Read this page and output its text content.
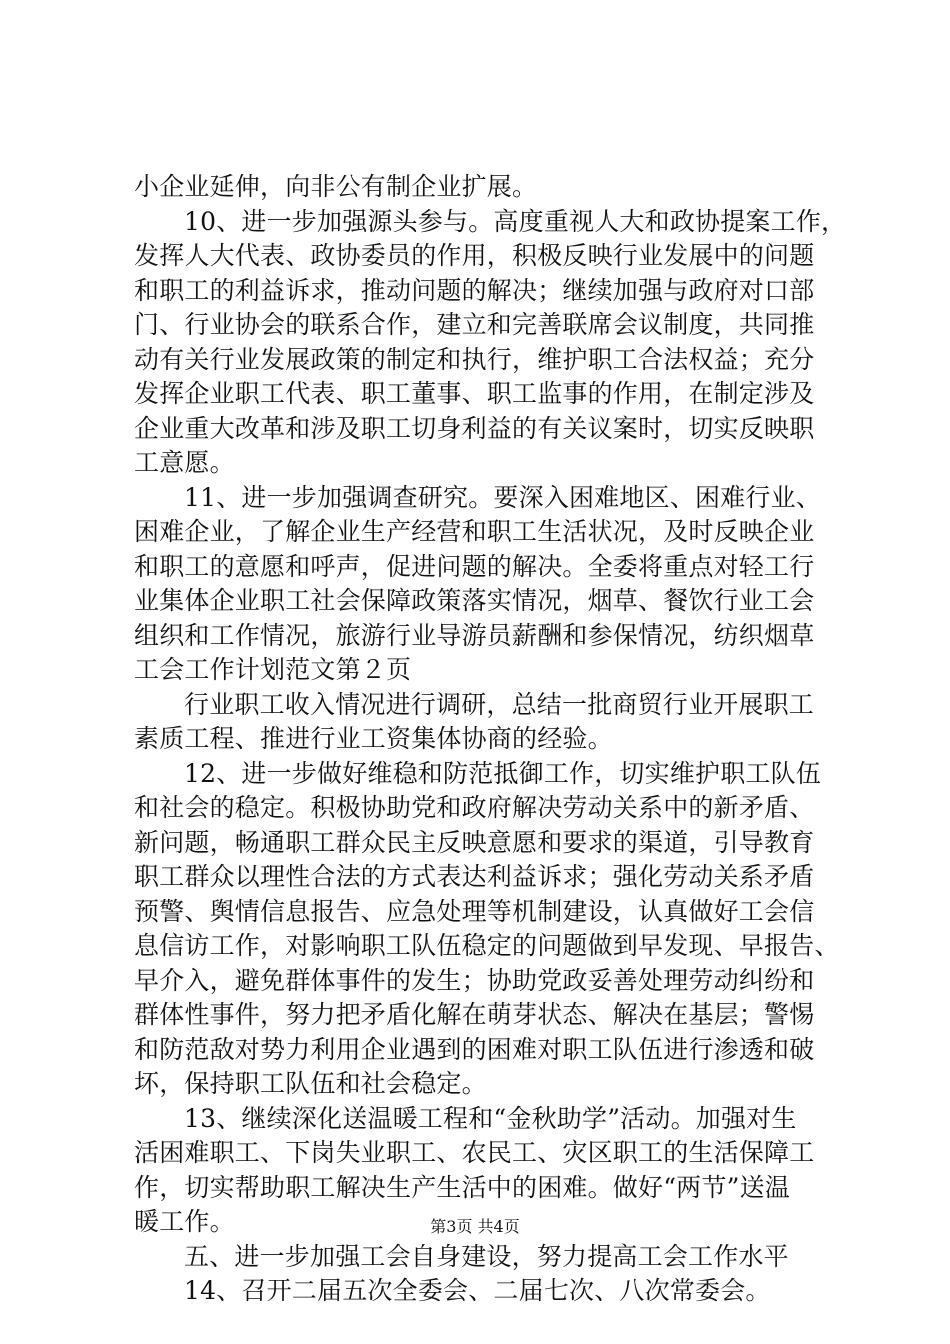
小企业延伸，向非公有制企业扩展。
10、进一步加强源头参与。高度重视人大和政协提案工作，
发挥人大代表、政协委员的作用，积极反映行业发展中的问题
和职工的利益诉求，推动问题的解决；继续加强与政府对口部
门、行业协会的联系合作，建立和完善联席会议制度，共同推
动有关行业发展政策的制定和执行，维护职工合法权益；充分
发挥企业职工代表、职工董事、职工监事的作用，在制定涉及
企业重大改革和涉及职工切身利益的有关议案时，切实反映职
工意愿。
11、进一步加强调查研究。要深入困难地区、困难行业、
困难企业，了解企业生产经营和职工生活状况，及时反映企业
和职工的意愿和呼声，促进问题的解决。全委将重点对轻工行
业集体企业职工社会保障政策落实情况，烟草、餐饮行业工会
组织和工作情况，旅游行业导游员薪酬和参保情况，纺织烟草
工会工作计划范文第２页
行业职工收入情况进行调研，总结一批商贸行业开展职工
素质工程、推进行业工资集体协商的经验。
12、进一步做好维稳和防范抵御工作，切实维护职工队伍
和社会的稳定。积极协助党和政府解决劳动关系中的新矛盾、
新问题，畅通职工群众民主反映意愿和要求的渠道，引导教育
职工群众以理性合法的方式表达利益诉求；强化劳动关系矛盾
预警、舆情信息报告、应急处理等机制建设，认真做好工会信
息信访工作，对影响职工队伍稳定的问题做到早发现、早报告、
早介入，避免群体事件的发生；协助党政妥善处理劳动纠纷和
群体性事件，努力把矛盾化解在萌芽状态、解决在基层；警惕
和防范敌对势力利用企业遇到的困难对职工队伍进行渗透和破
坏，保持职工队伍和社会稳定。
13、继续深化送温暖工程和“金秋助学”活动。加强对生
活困难职工、下岗失业职工、农民工、灾区职工的生活保障工
作，切实帮助职工解决生产生活中的困难。做好“两节”送温
暖工作。
五、进一步加强工会自身建设，努力提高工会工作水平
14、召开二届五次全委会、二届七次、八次常委会。
第3页 共4页
